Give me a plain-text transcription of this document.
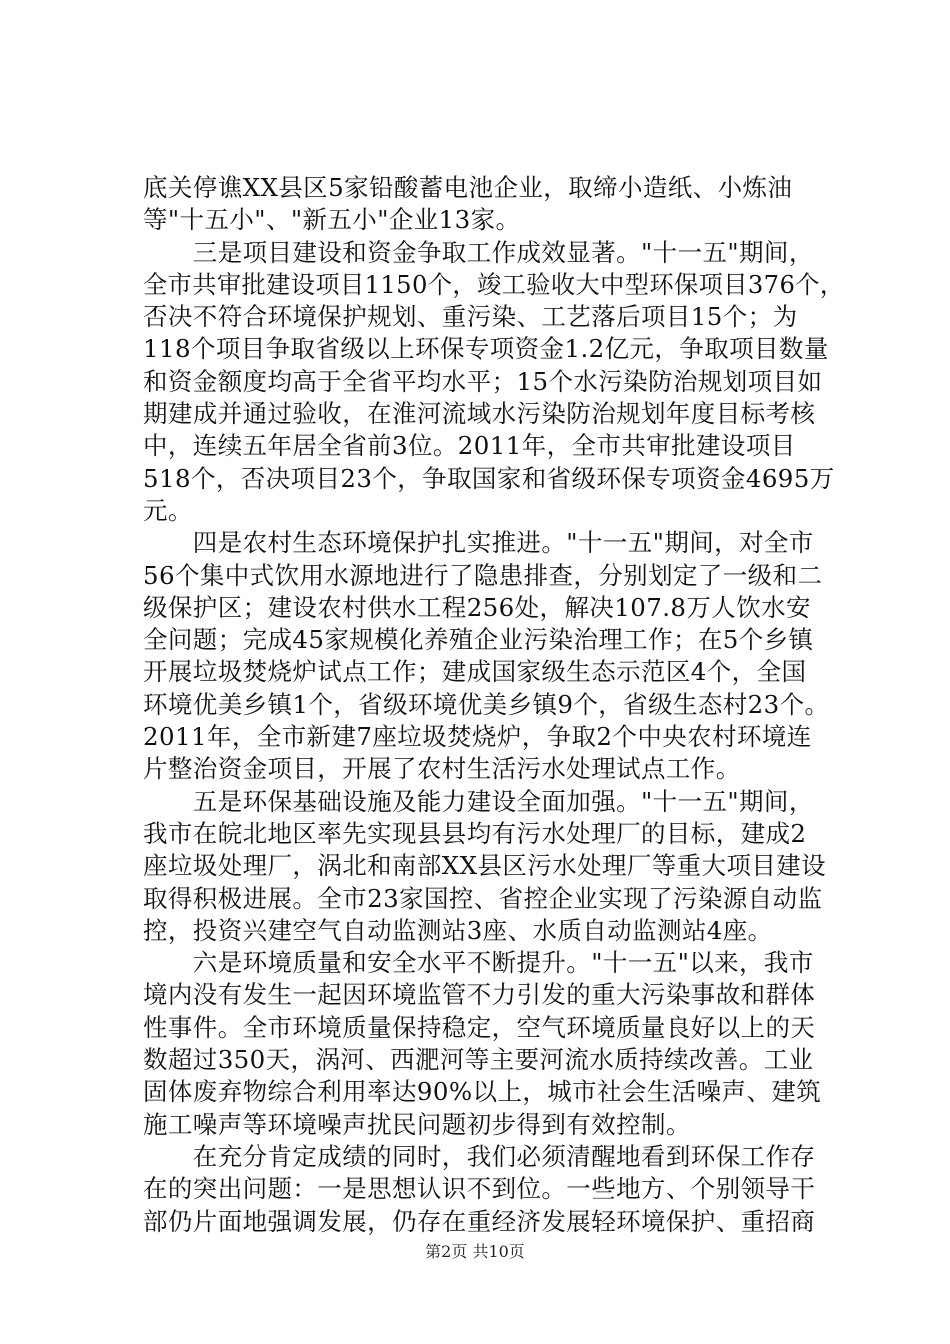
底关停谯XX县区5家铅酸蓄电池企业，取缔小造纸、小炼油
等"十五小"、"新五小"企业13家。
　　三是项目建设和资金争取工作成效显著。"十一五"期间，
全市共审批建设项目1150个，竣工验收大中型环保项目376个，
否决不符合环境保护规划、重污染、工艺落后项目15个；为
118个项目争取省级以上环保专项资金1.2亿元，争取项目数量
和资金额度均高于全省平均水平；15个水污染防治规划项目如
期建成并通过验收，在淮河流域水污染防治规划年度目标考核
中，连续五年居全省前3位。2011年，全市共审批建设项目
518个，否决项目23个，争取国家和省级环保专项资金4695万
元。
　　四是农村生态环境保护扎实推进。"十一五"期间，对全市
56个集中式饮用水源地进行了隐患排查，分别划定了一级和二
级保护区；建设农村供水工程256处，解决107.8万人饮水安
全问题；完成45家规模化养殖企业污染治理工作；在5个乡镇
开展垃圾焚烧炉试点工作；建成国家级生态示范区4个，全国
环境优美乡镇1个，省级环境优美乡镇9个，省级生态村23个。
2011年，全市新建7座垃圾焚烧炉，争取2个中央农村环境连
片整治资金项目，开展了农村生活污水处理试点工作。
　　五是环保基础设施及能力建设全面加强。"十一五"期间，
我市在皖北地区率先实现县县均有污水处理厂的目标，建成2
座垃圾处理厂，涡北和南部XX县区污水处理厂等重大项目建设
取得积极进展。全市23家国控、省控企业实现了污染源自动监
控，投资兴建空气自动监测站3座、水质自动监测站4座。
　　六是环境质量和安全水平不断提升。"十一五"以来，我市
境内没有发生一起因环境监管不力引发的重大污染事故和群体
性事件。全市环境质量保持稳定，空气环境质量良好以上的天
数超过350天，涡河、西淝河等主要河流水质持续改善。工业
固体废弃物综合利用率达90%以上，城市社会生活噪声、建筑
施工噪声等环境噪声扰民问题初步得到有效控制。
　　在充分肯定成绩的同时，我们必须清醒地看到环保工作存
在的突出问题：一是思想认识不到位。一些地方、个别领导干
部仍片面地强调发展，仍存在重经济发展轻环境保护、重招商
第2页 共10页
